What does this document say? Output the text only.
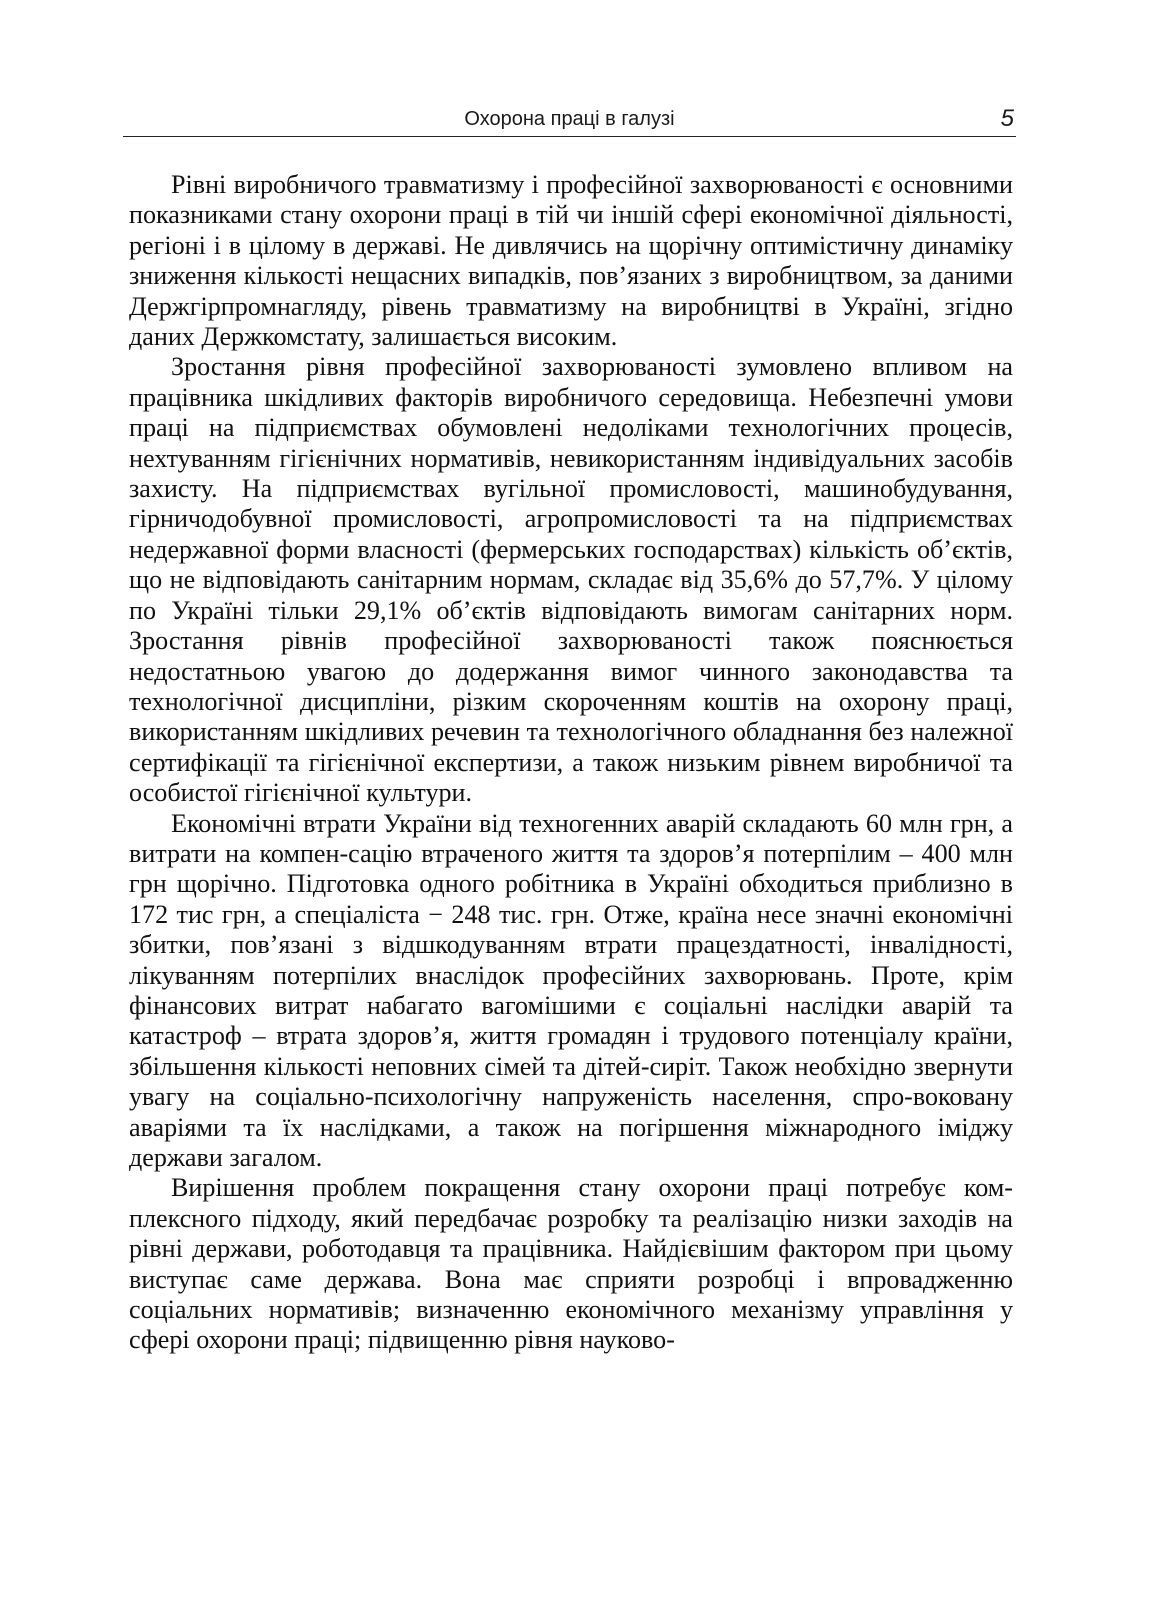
Охорона праці в галузі	5

Рівні виробничого травматизму і професійної захворюваності є основними показниками стану охорони праці в тій чи іншій сфері економічної діяльності, регіоні і в цілому в державі. Не дивлячись на щорічну оптимістичну динаміку зниження кількості нещасних випадків, пов’язаних з виробництвом, за даними Держгірпромнагляду, рівень травматизму на виробництві в Україні, згідно даних Держкомстату, залишається високим.

Зростання рівня професійної захворюваності зумовлено впливом на працівника шкідливих факторів виробничого середовища. Небезпечні умови праці на підприємствах обумовлені недоліками технологічних процесів, нехтуванням гігієнічних нормативів, невикористанням індивідуальних засобів захисту. На підприємствах вугільної промисловості, машинобудування, гірничодобувної промисловості, агропромисловості та на підприємствах недержавної форми власності (фермерських господарствах) кількість об’єктів, що не відповідають санітарним нормам, складає від 35,6% до 57,7%. У цілому по Україні тільки 29,1% об’єктів відповідають вимогам санітарних норм. Зростання рівнів професійної захворюваності також пояснюється недостатньою увагою до додержання вимог чинного законодавства та технологічної дисципліни, різким скороченням коштів на охорону праці, використанням шкідливих речевин та технологічного обладнання без належної сертифікації та гігієнічної експертизи, а також низьким рівнем виробничої та особистої гігієнічної культури.

Економічні втрати України від техногенних аварій складають 60 млн грн, а витрати на компен-сацію втраченого життя та здоров’я потерпілим – 400 млн грн щорічно. Підготовка одного робітника в Україні обходиться приблизно в 172 тис грн, а спеціаліста − 248 тис. грн. Отже, країна несе значні економічні збитки, пов’язані з відшкодуванням втрати працездатності, інвалідності, лікуванням потерпілих внаслідок професійних захворювань. Проте, крім фінансових витрат набагато вагомішими є соціальні наслідки аварій та катастроф – втрата здоров’я, життя громадян і трудового потенціалу країни, збільшення кількості неповних сімей та дітей-сиріт. Також необхідно звернути увагу на соціально-психологічну напруженість населення, спро-воковану аваріями та їх наслідками, а також на погіршення міжнародного іміджу держави загалом.

Вирішення проблем покращення стану охорони праці потребує комплексного підходу, який передбачає розробку та реалізацію низки заходів на рівні держави, роботодавця та працівника. Найдієвішим фактором при цьому виступає саме держава. Вона має сприяти розробці і впровадженню соціальних нормативів; визначенню економічного механізму управління у сфері охорони праці; підвищенню рівня науково-
